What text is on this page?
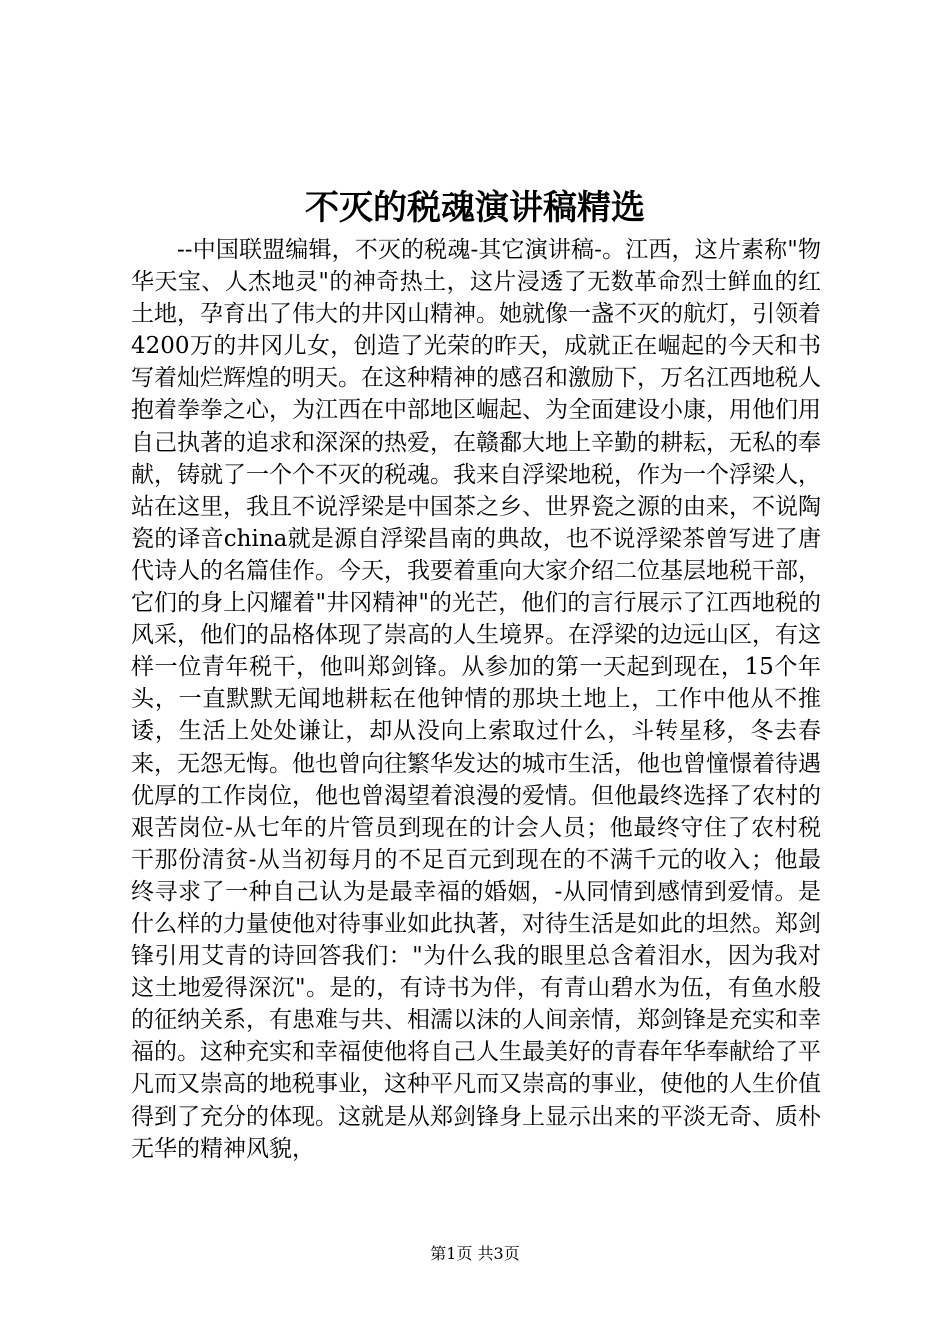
不灭的税魂演讲稿精选

--中国联盟编辑，不灭的税魂-其它演讲稿-。江西，这片素称"物华天宝、人杰地灵"的神奇热土，这片浸透了无数革命烈士鲜血的红土地，孕育出了伟大的井冈山精神。她就像一盏不灭的航灯，引领着4200万的井冈儿女，创造了光荣的昨天，成就正在崛起的今天和书写着灿烂辉煌的明天。在这种精神的感召和激励下，万名江西地税人抱着拳拳之心，为江西在中部地区崛起、为全面建设小康，用他们用自己执著的追求和深深的热爱，在赣鄱大地上辛勤的耕耘，无私的奉献，铸就了一个个不灭的税魂。我来自浮梁地税，作为一个浮梁人，站在这里，我且不说浮梁是中国茶之乡、世界瓷之源的由来，不说陶瓷的译音china就是源自浮梁昌南的典故，也不说浮梁茶曾写进了唐代诗人的名篇佳作。今天，我要着重向大家介绍二位基层地税干部，它们的身上闪耀着"井冈精神"的光芒，他们的言行展示了江西地税的风采，他们的品格体现了崇高的人生境界。在浮梁的边远山区，有这样一位青年税干，他叫郑剑锋。从参加的第一天起到现在，15个年头，一直默默无闻地耕耘在他钟情的那块土地上，工作中他从不推诿，生活上处处谦让，却从没向上索取过什么，斗转星移，冬去春来，无怨无悔。他也曾向往繁华发达的城市生活，他也曾憧憬着待遇优厚的工作岗位，他也曾渴望着浪漫的爱情。但他最终选择了农村的艰苦岗位-从七年的片管员到现在的计会人员；他最终守住了农村税干那份清贫-从当初每月的不足百元到现在的不满千元的收入；他最终寻求了一种自己认为是最幸福的婚姻，-从同情到感情到爱情。是什么样的力量使他对待事业如此执著，对待生活是如此的坦然。郑剑锋引用艾青的诗回答我们："为什么我的眼里总含着泪水，因为我对这土地爱得深沉"。是的，有诗书为伴，有青山碧水为伍，有鱼水般的征纳关系，有患难与共、相濡以沫的人间亲情，郑剑锋是充实和幸福的。这种充实和幸福使他将自己人生最美好的青春年华奉献给了平凡而又崇高的地税事业，这种平凡而又崇高的事业，使他的人生价值得到了充分的体现。这就是从郑剑锋身上显示出来的平淡无奇、质朴无华的精神风貌，

第1页 共3页
